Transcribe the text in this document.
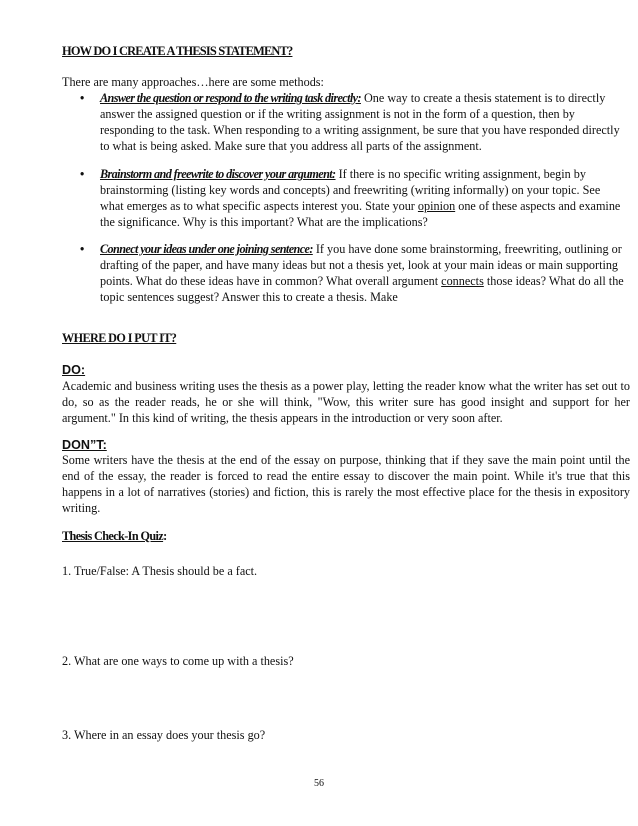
HOW DO I CREATE A THESIS STATEMENT?
There are many approaches…here are some methods:
• Answer the question or respond to the writing task directly: One way to create a thesis statement is to directly answer the assigned question or if the writing assignment is not in the form of a question, then by responding to the task. When responding to a writing assignment, be sure that you have responded directly to what is being asked. Make sure that you address all parts of the assignment.
• Brainstorm and freewrite to discover your argument: If there is no specific writing assignment, begin by brainstorming (listing key words and concepts) and freewriting (writing informally) on your topic. See what emerges as to what specific aspects interest you. State your opinion one of these aspects and examine the significance. Why is this important? What are the implications?
• Connect your ideas under one joining sentence: If you have done some brainstorming, freewriting, outlining or drafting of the paper, and have many ideas but not a thesis yet, look at your main ideas or main supporting points. What do these ideas have in common? What overall argument connects those ideas? What do all the topic sentences suggest? Answer this to create a thesis. Make
WHERE DO I PUT IT?
DO:
Academic and business writing uses the thesis as a power play, letting the reader know what the writer has set out to do, so as the reader reads, he or she will think, "Wow, this writer sure has good insight and support for her argument." In this kind of writing, the thesis appears in the introduction or very soon after.
DON”T:
Some writers have the thesis at the end of the essay on purpose, thinking that if they save the main point until the end of the essay, the reader is forced to read the entire essay to discover the main point. While it's true that this happens in a lot of narratives (stories) and fiction, this is rarely the most effective place for the thesis in expository writing.
Thesis Check-In Quiz:
1. True/False: A Thesis should be a fact.
2. What are one ways to come up with a thesis?
3. Where in an essay does your thesis go?
56
